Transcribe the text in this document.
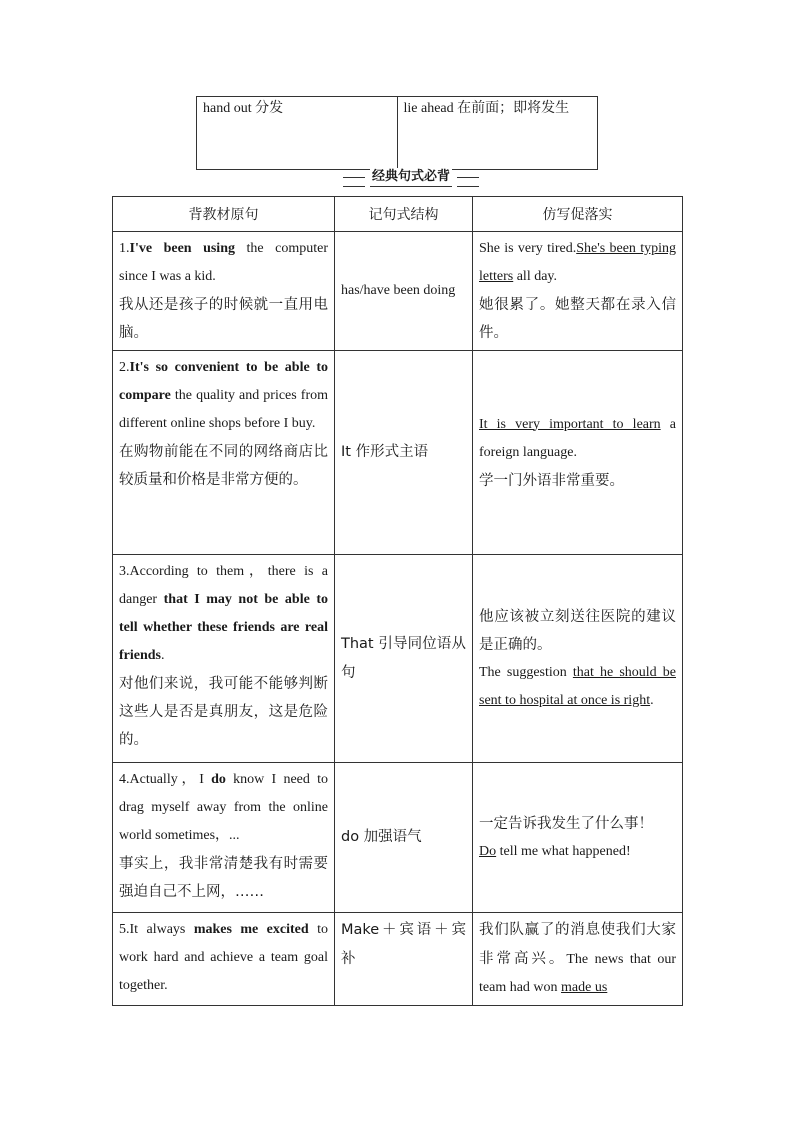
hand out 分发	lie ahead 在前面；即将发生
经典句式必背
背教材原句	记句式结构	仿写促落实
1.I've been using the computer since I was a kid.
我从还是孩子的时候就一直用电脑。	has/have been doing	She is very tired.She's been typing letters all day.
她很累了。她整天都在录入信件。

2.It's so convenient to be able to compare the quality and prices from different online shops before I buy.
在购物前能在不同的网络商店比较质量和价格是非常方便的。	It 作形式主语	It is very important to learn a foreign language.
学一门外语非常重要。

3.According to them，there is a danger that I may not be able to tell whether these friends are real friends.
对他们来说，我可能不能够判断这些人是否是真朋友，这是危险的。	That 引导同位语从句	他应该被立刻送往医院的建议是正确的。
The suggestion that he should be sent to hospital at once is right.
4.Actually，I do know I need to drag myself away from the online world sometimes，...
事实上，我非常清楚我有时需要强迫自己不上网，……	do 加强语气	一定告诉我发生了什么事！
Do tell me what happened!
5.It always makes me excited to work hard and achieve a team goal together.	Make＋宾语＋宾补	我们队赢了的消息使我们大家非常高兴。The news that our team had won made us
